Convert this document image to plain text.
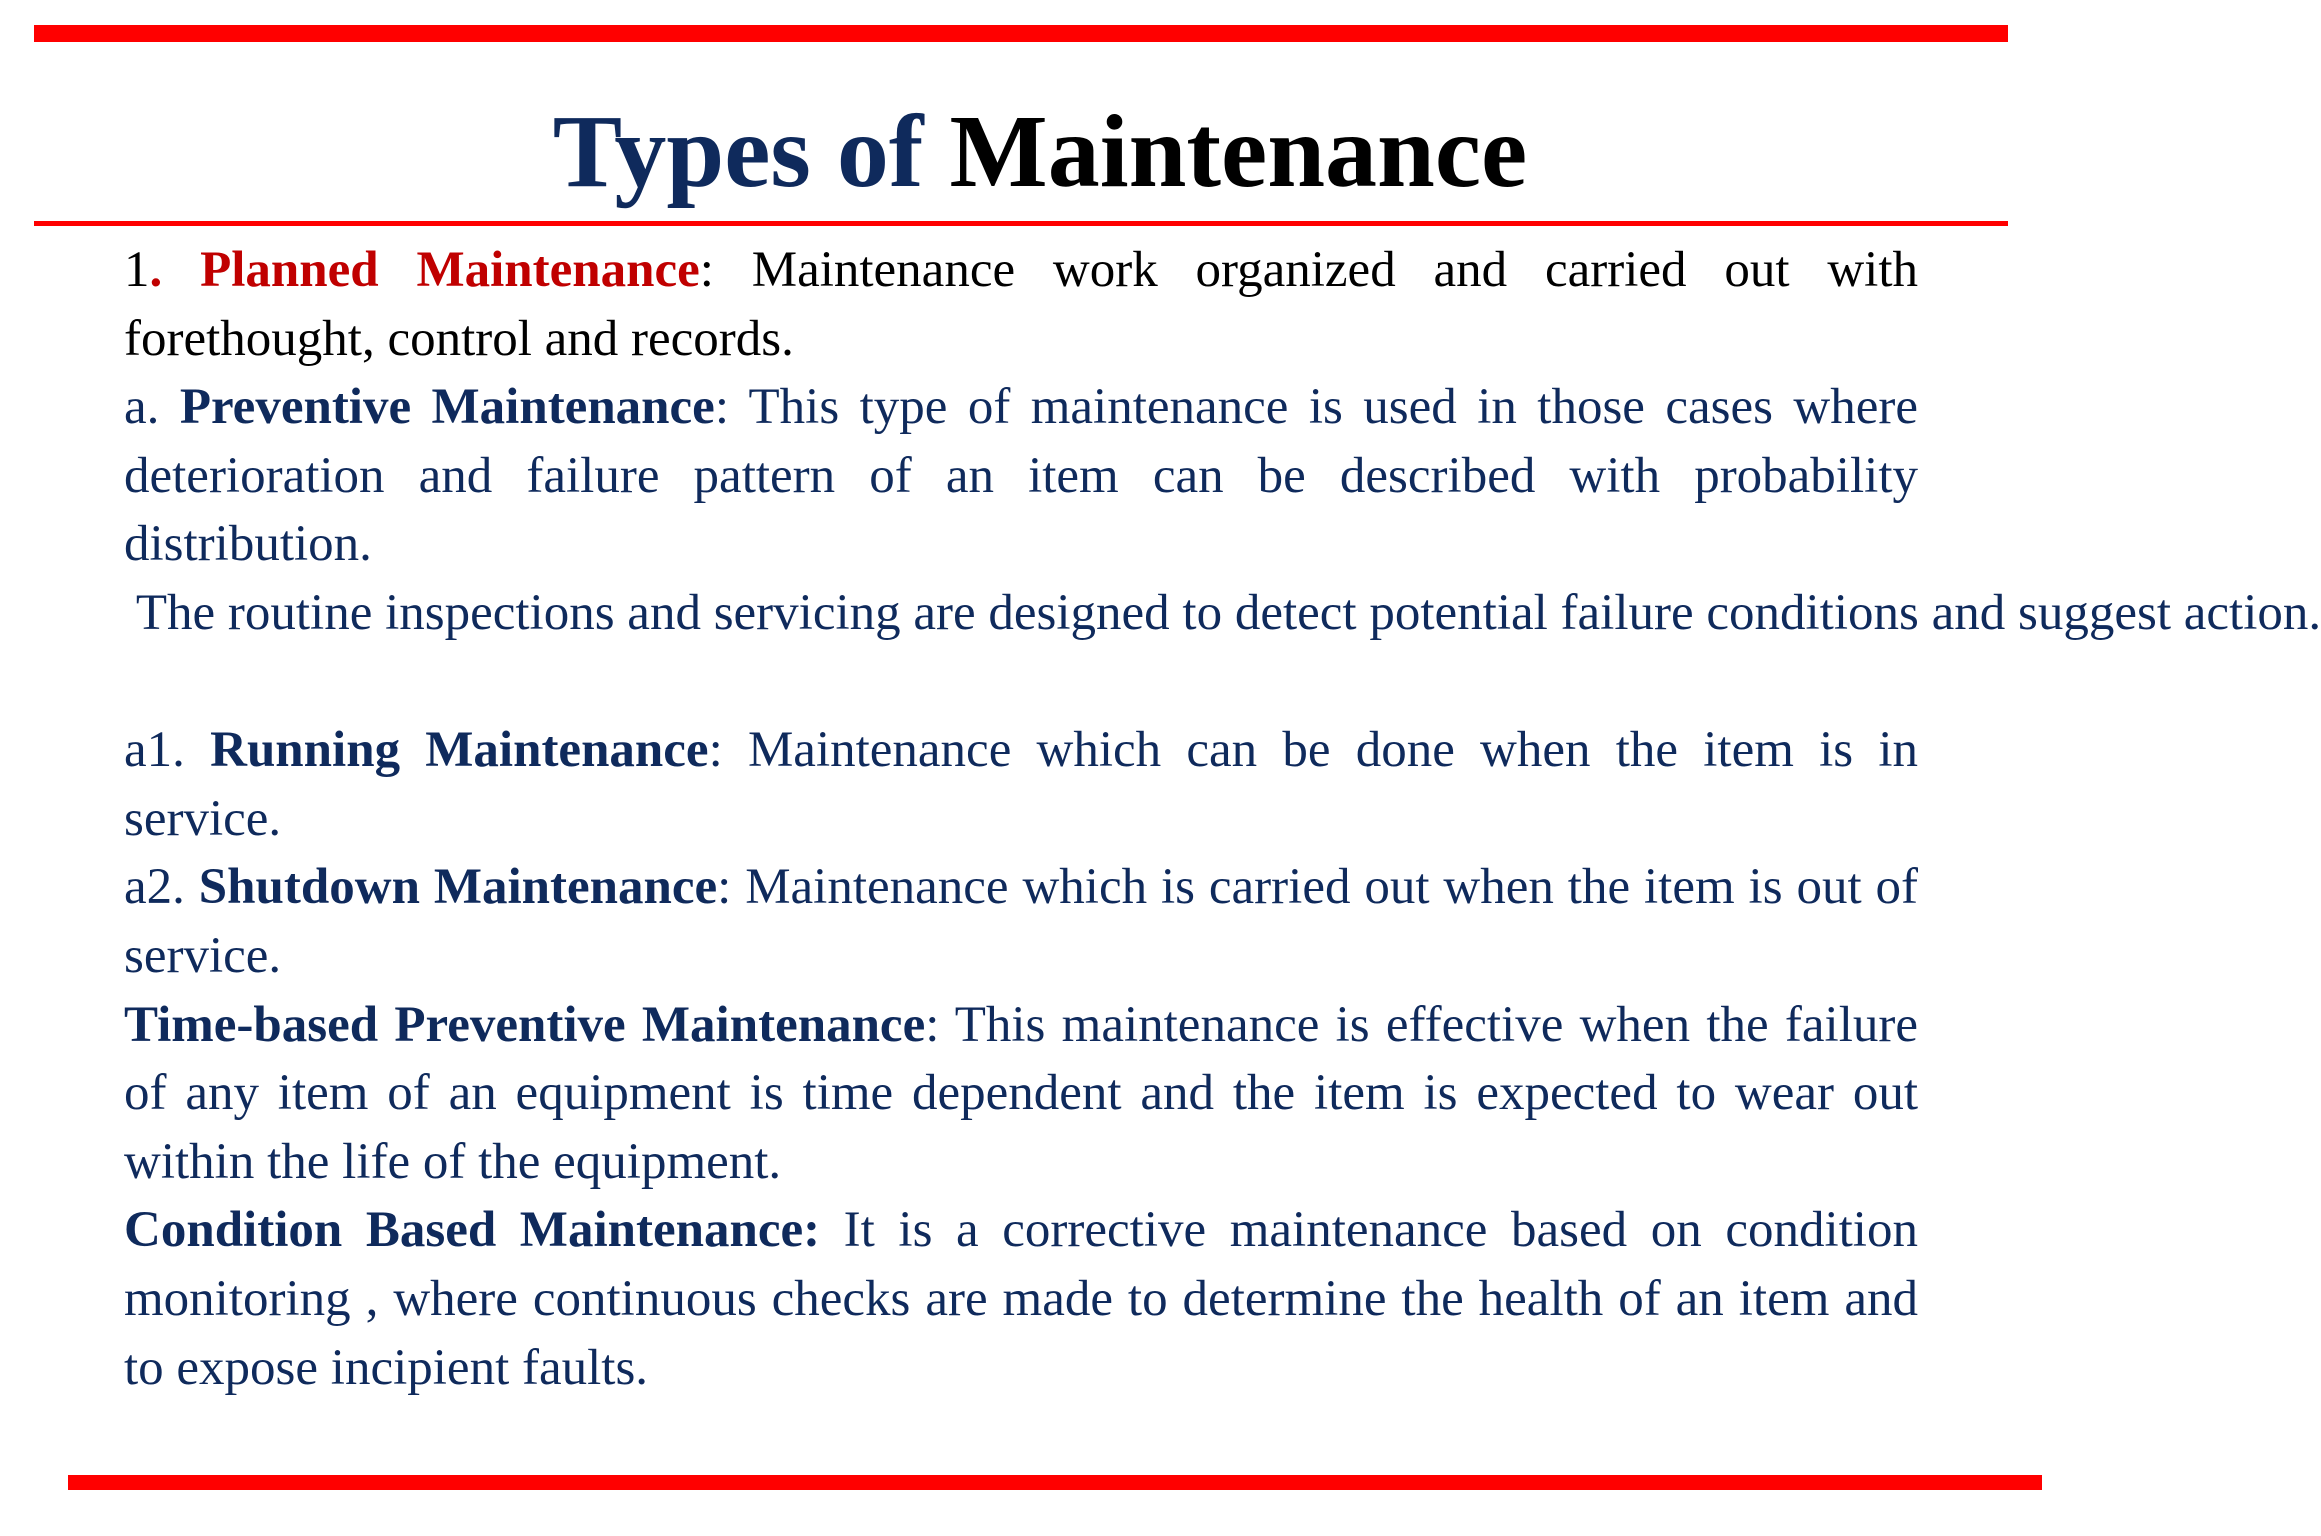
Types of Maintenance

1. Planned Maintenance: Maintenance work organized and carried out with forethought, control and records.

a. Preventive Maintenance: This type of maintenance is used in those cases where deterioration and failure pattern of an item can be described with probability distribution.

The routine inspections and servicing are designed to detect potential failure conditions and suggest action.

a1. Running Maintenance: Maintenance which can be done when the item is in service.

a2. Shutdown Maintenance: Maintenance which is carried out when the item is out of service.

Time-based Preventive Maintenance: This maintenance is effective when the failure of any item of an equipment is time dependent and the item is expected to wear out within the life of the equipment.

Condition Based Maintenance: It is a corrective maintenance based on condition monitoring , where continuous checks are made to determine the health of an item and to expose incipient faults.
